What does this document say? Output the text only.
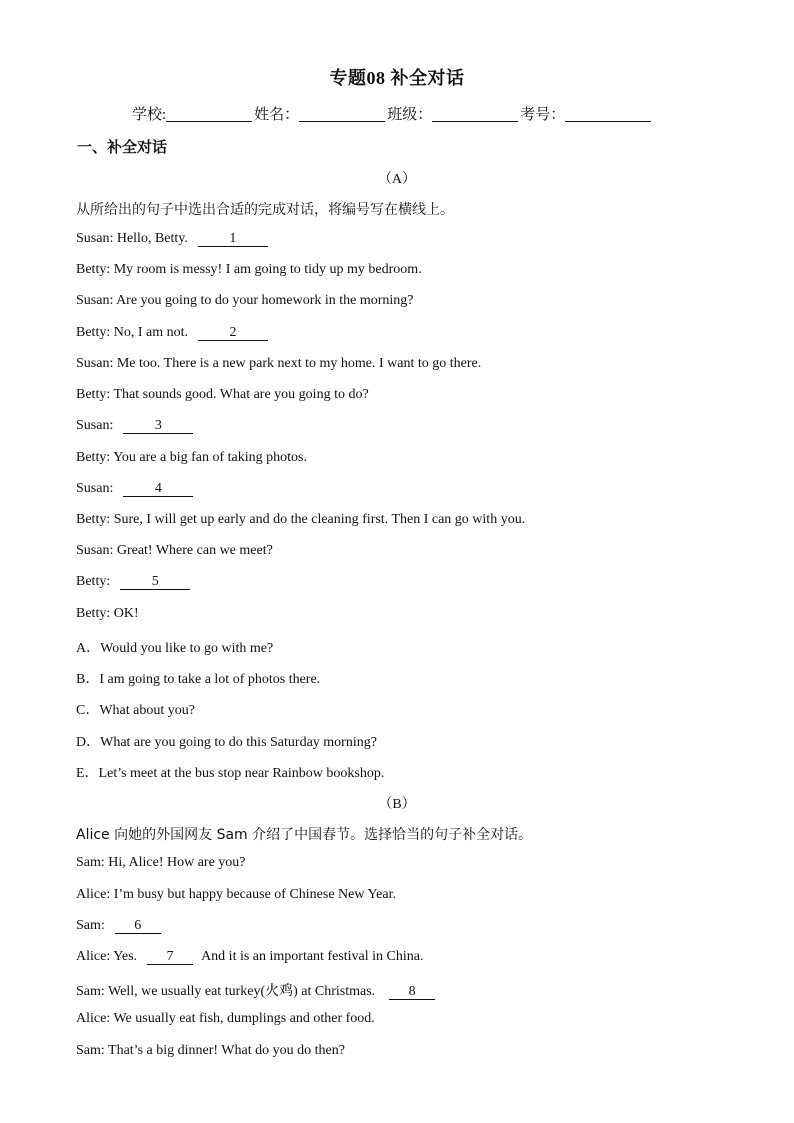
专题08 补全对话
学校:	姓名：	班级：	考号：
一、补全对话
（A）
从所给出的句子中选出合适的完成对话，将编号写在横线上。
Susan: Hello, Betty.	1
Betty: My room is messy! I am going to tidy up my bedroom.
Susan: Are you going to do your homework in the morning?
Betty: No, I am not.	2
Susan: Me too. There is a new park next to my home. I want to go there.
Betty: That sounds good. What are you going to do?
Susan:	3
Betty: You are a big fan of taking photos.
Susan:	4
Betty: Sure, I will get up early and do the cleaning first. Then I can go with you.
Susan: Great! Where can we meet?
Betty:	5
Betty: OK!
A．Would you like to go with me?
B．I am going to take a lot of photos there.
C．What about you?
D．What are you going to do this Saturday morning?
E．Let’s meet at the bus stop near Rainbow bookshop.
（B）
Alice 向她的外国网友 Sam 介绍了中国春节。选择恰当的句子补全对话。
Sam: Hi, Alice! How are you?
Alice: I’m busy but happy because of Chinese New Year.
Sam: 6
Alice: Yes. 7 And it is an important festival in China.
Sam: Well, we usually eat turkey(火鸡) at Christmas. 8
Alice: We usually eat fish, dumplings and other food.
Sam: That’s a big dinner! What do you do then?
